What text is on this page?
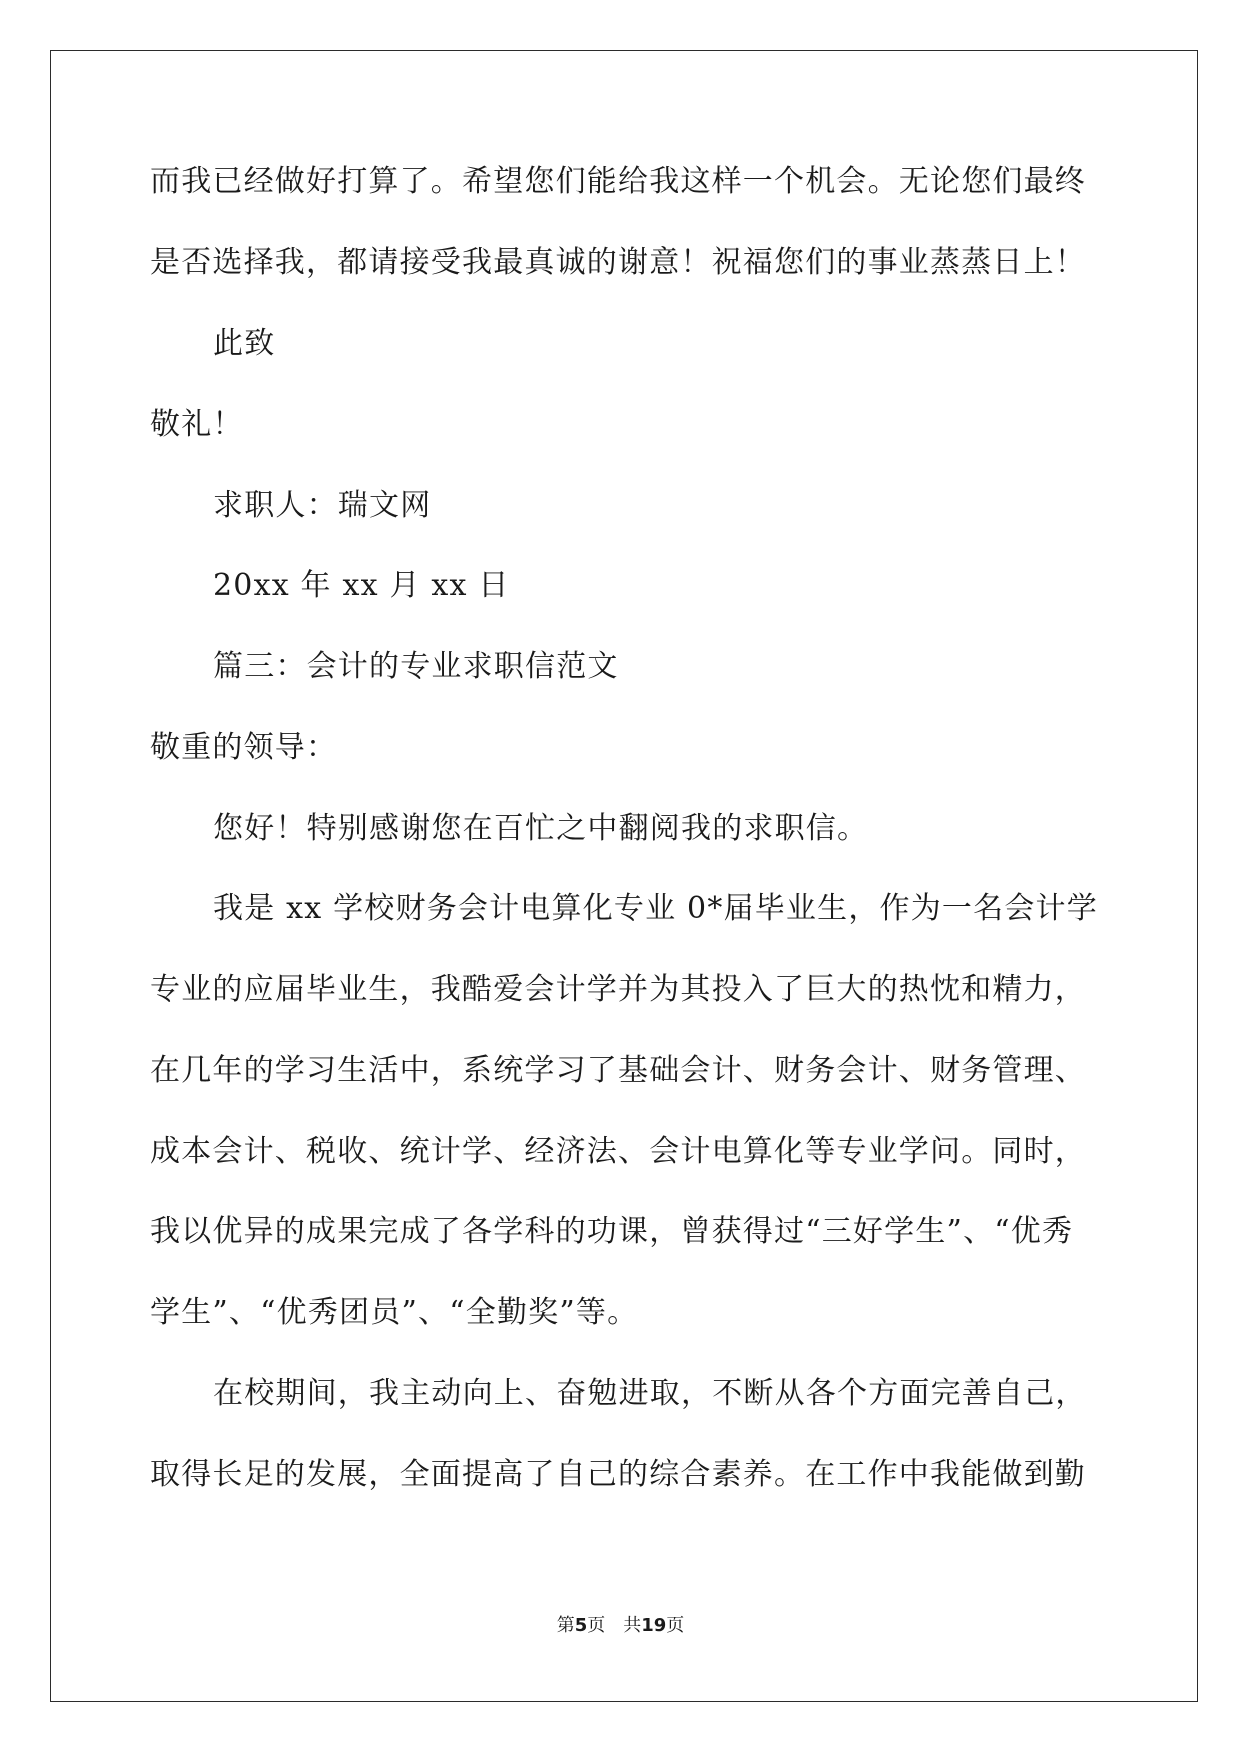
而我已经做好打算了。希望您们能给我这样一个机会。无论您们最终
是否选择我，都请接受我最真诚的谢意！祝福您们的事业蒸蒸日上！
此致
敬礼！
求职人：瑞文网
20xx 年 xx 月 xx 日
篇三：会计的专业求职信范文
敬重的领导：
您好！特别感谢您在百忙之中翻阅我的求职信。
我是 xx 学校财务会计电算化专业 0*届毕业生，作为一名会计学
专业的应届毕业生，我酷爱会计学并为其投入了巨大的热忱和精力，
在几年的学习生活中，系统学习了基础会计、财务会计、财务管理、
成本会计、税收、统计学、经济法、会计电算化等专业学问。同时，
我以优异的成果完成了各学科的功课，曾获得过“三好学生”、“优秀
学生”、“优秀团员”、“全勤奖”等。
在校期间，我主动向上、奋勉进取，不断从各个方面完善自己，
取得长足的发展，全面提高了自己的综合素养。在工作中我能做到勤
第5页 共19页
